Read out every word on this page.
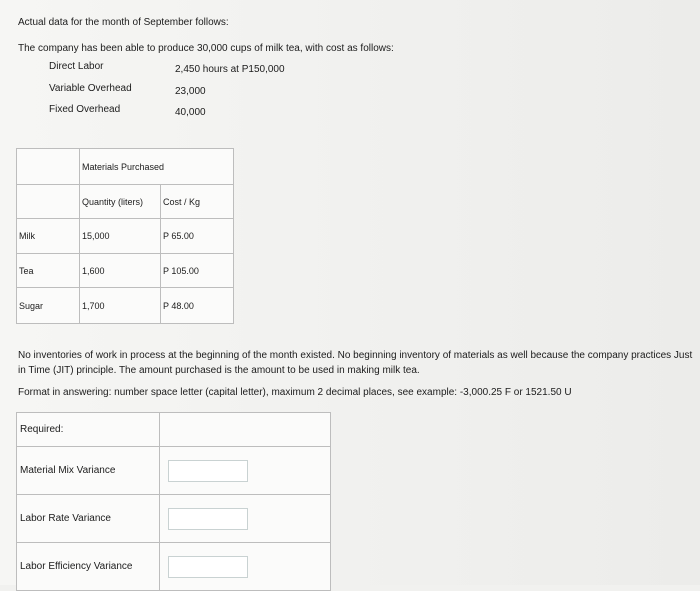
Actual data for the month of September follows:
The company has been able to produce 30,000 cups of milk tea, with cost as follows:
Direct Labor	2,450 hours at P150,000
Variable Overhead	23,000
Fixed Overhead	40,000
	Materials Purchased	
	Quantity (liters)	Cost / Kg
Milk	15,000	P 65.00
Tea	1,600	P 105.00
Sugar	1,700	P 48.00
No inventories of work in process at the beginning of the month existed. No beginning inventory of materials as well because the company practices Just in Time (JIT) principle. The amount purchased is the amount to be used in making milk tea.
Format in answering: number space letter (capital letter), maximum 2 decimal places, see example: -3,000.25 F or 1521.50 U
Required:	
Material Mix Variance	
Labor Rate Variance	
Labor Efficiency Variance	
